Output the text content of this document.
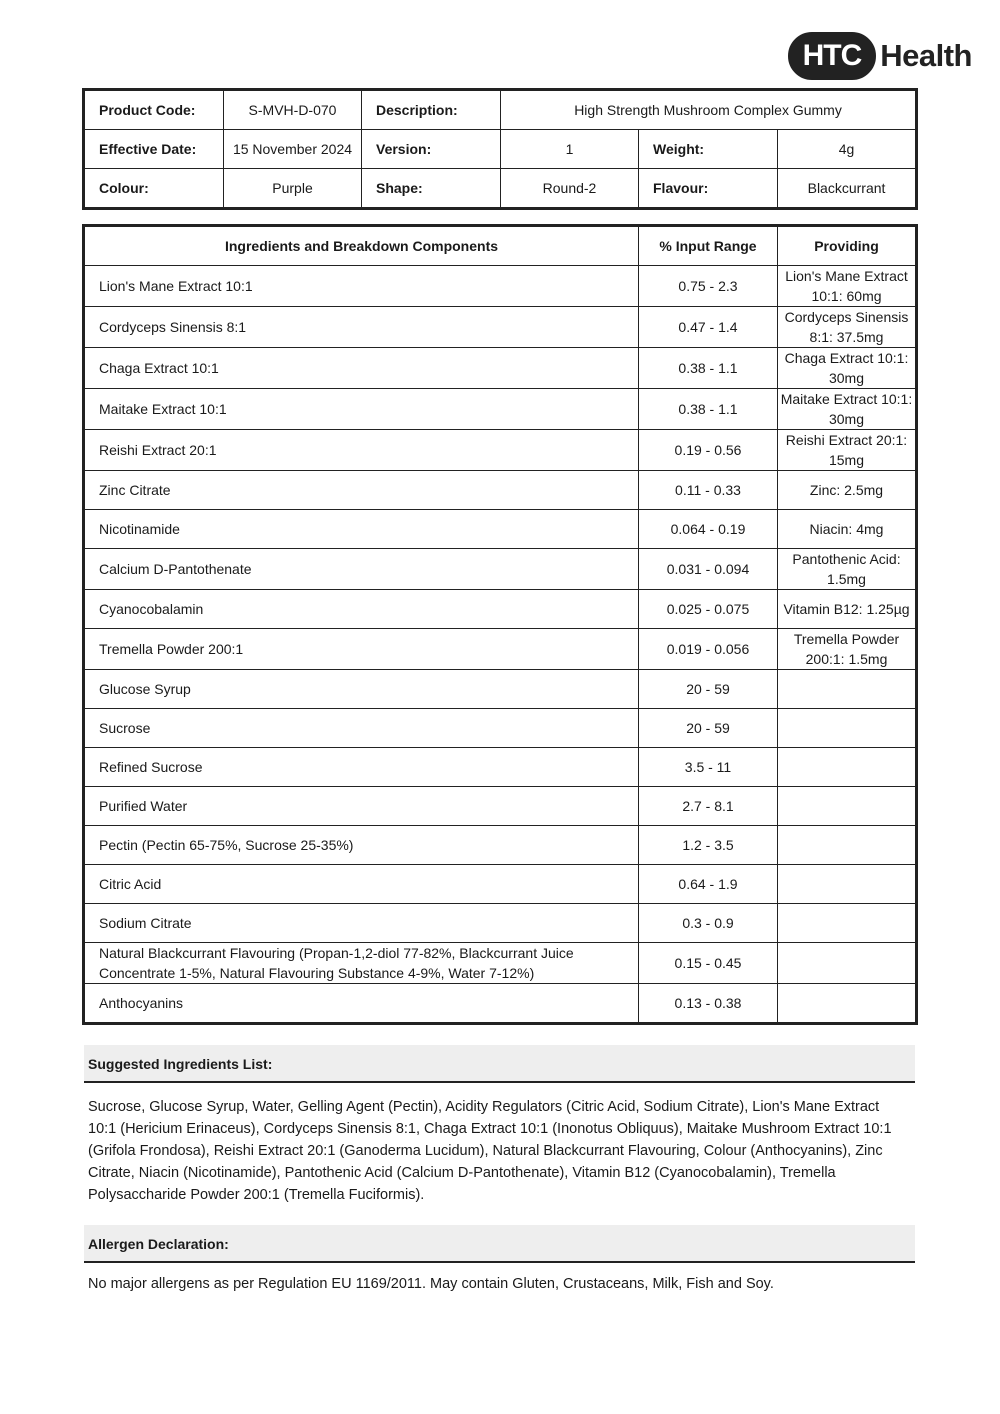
HTC Health
Product Code:	S-MVH-D-070	Description:	High Strength Mushroom Complex Gummy		
Effective Date:	15 November 2024	Version:	1	Weight:	4g
Colour:	Purple	Shape:	Round-2	Flavour:	Blackcurrant
Ingredients and Breakdown Components	% Input Range	Providing
Lion's Mane Extract 10:1	0.75 - 2.3	Lion's Mane Extract 10:1: 60mg
Cordyceps Sinensis 8:1	0.47 - 1.4	Cordyceps Sinensis 8:1: 37.5mg
Chaga Extract 10:1	0.38 - 1.1	Chaga Extract 10:1: 30mg
Maitake Extract 10:1	0.38 - 1.1	Maitake Extract 10:1: 30mg
Reishi Extract 20:1	0.19 - 0.56	Reishi Extract 20:1: 15mg
Zinc Citrate	0.11 - 0.33	Zinc: 2.5mg
Nicotinamide	0.064 - 0.19	Niacin: 4mg
Calcium D-Pantothenate	0.031 - 0.094	Pantothenic Acid: 1.5mg
Cyanocobalamin	0.025 - 0.075	Vitamin B12: 1.25µg
Tremella Powder 200:1	0.019 - 0.056	Tremella Powder 200:1: 1.5mg
Glucose Syrup	20 - 59	
Sucrose	20 - 59	
Refined Sucrose	3.5 - 11	
Purified Water	2.7 - 8.1	
Pectin (Pectin 65-75%, Sucrose 25-35%)	1.2 - 3.5	
Citric Acid	0.64 - 1.9	
Sodium Citrate	0.3 - 0.9	
Natural Blackcurrant Flavouring (Propan-1,2-diol 77-82%, Blackcurrant Juice Concentrate 1-5%, Natural Flavouring Substance 4-9%, Water 7-12%)	0.15 - 0.45	
Anthocyanins	0.13 - 0.38	
Suggested Ingredients List:
Sucrose, Glucose Syrup, Water, Gelling Agent (Pectin), Acidity Regulators (Citric Acid, Sodium Citrate), Lion's Mane Extract 10:1 (Hericium Erinaceus), Cordyceps Sinensis 8:1, Chaga Extract 10:1 (Inonotus Obliquus), Maitake Mushroom Extract 10:1 (Grifola Frondosa), Reishi Extract 20:1 (Ganoderma Lucidum), Natural Blackcurrant Flavouring, Colour (Anthocyanins), Zinc Citrate, Niacin (Nicotinamide), Pantothenic Acid (Calcium D-Pantothenate), Vitamin B12 (Cyanocobalamin), Tremella Polysaccharide Powder 200:1 (Tremella Fuciformis).
Allergen Declaration:
No major allergens as per Regulation EU 1169/2011. May contain Gluten, Crustaceans, Milk, Fish and Soy.
